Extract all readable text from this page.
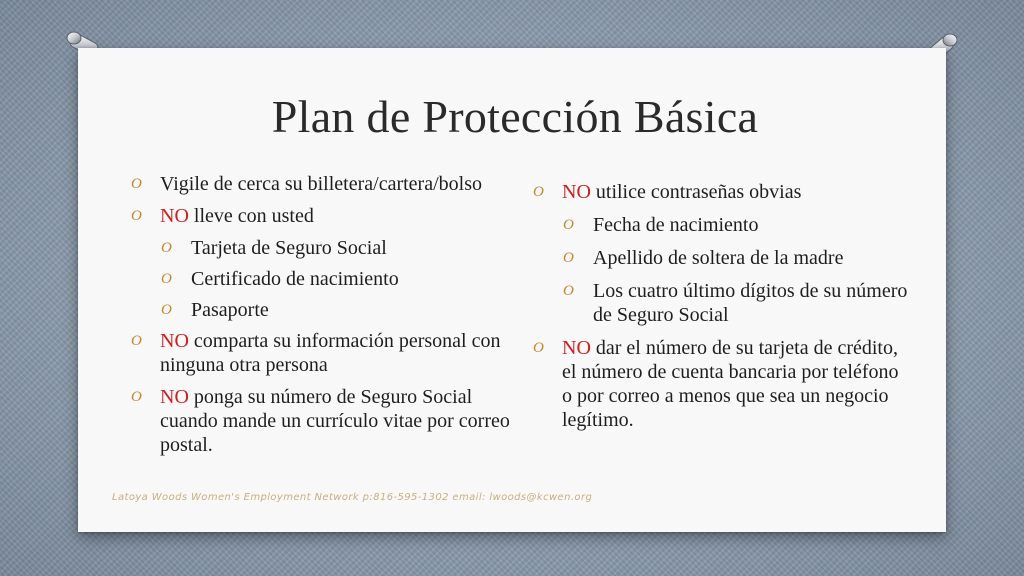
Plan de Protección Básica
O Vigile de cerca su billetera/cartera/bolso
O NO lleve con usted
O Tarjeta de Seguro Social
O Certificado de nacimiento
O Pasaporte
O NO comparta su información personal con ninguna otra persona
O NO ponga su número de Seguro Social cuando mande un currículo vitae por correo postal.
O NO utilice contraseñas obvias
O Fecha de nacimiento
O Apellido de soltera de la madre
O Los cuatro último dígitos de su número de Seguro Social
O NO dar el número de su tarjeta de crédito, el número de cuenta bancaria por teléfono o por correo a menos que sea un negocio legítimo.
Latoya Woods Women's Employment Network p:816-595-1302 email: lwoods@kcwen.org
